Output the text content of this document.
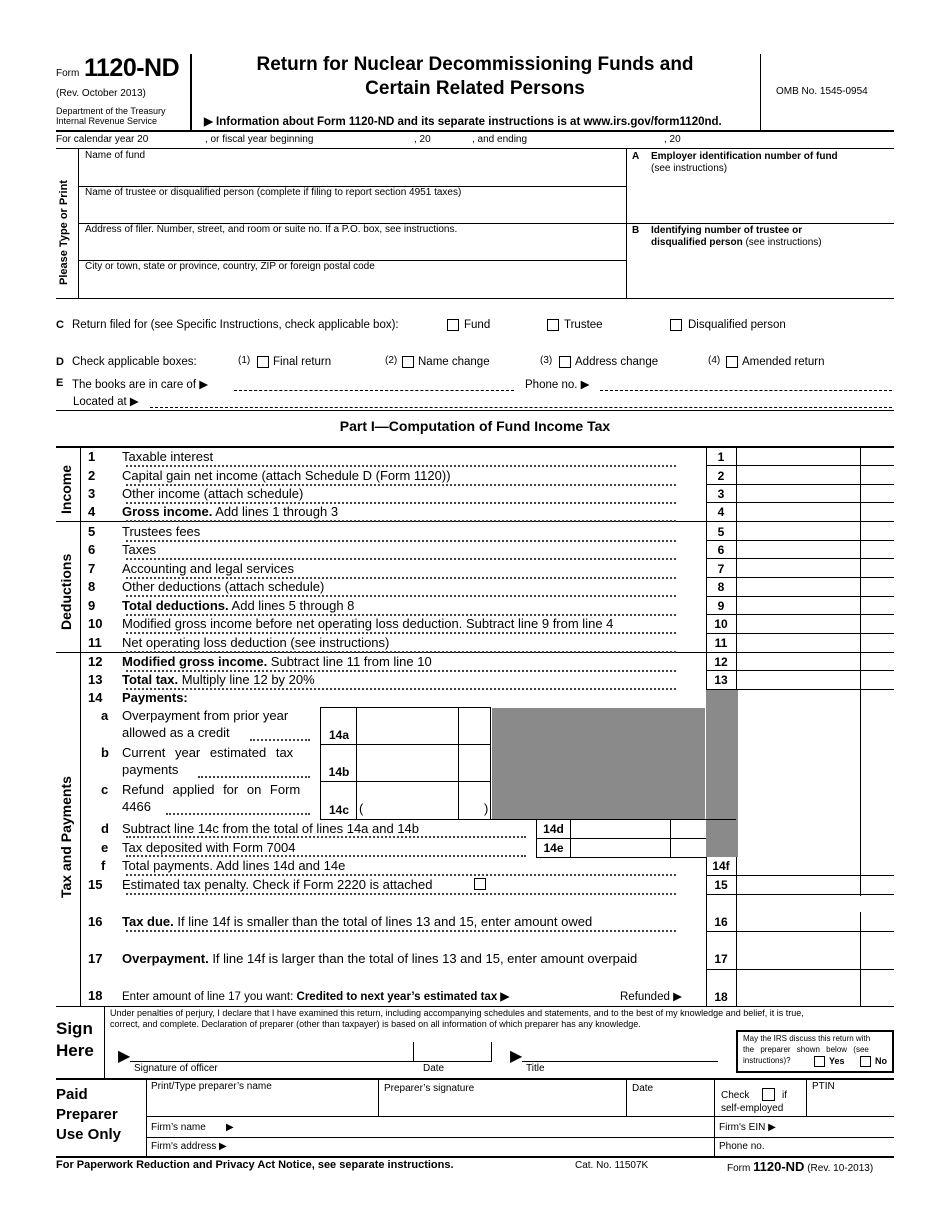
Form 1120-ND
(Rev. October 2013)
Department of the Treasury
Internal Revenue Service
Return for Nuclear Decommissioning Funds and
Certain Related Persons
▶ Information about Form 1120-ND and its separate instructions is at www.irs.gov/form1120nd.
OMB No. 1545-0954
For calendar year 20	, or fiscal year beginning	, 20	, and ending	, 20
Please Type or Print
Name of fund
Name of trustee or disqualified person (complete if filing to report section 4951 taxes)
Address of filer. Number, street, and room or suite no. If a P.O. box, see instructions.
City or town, state or province, country, ZIP or foreign postal code
A Employer identification number of fund
(see instructions)
B Identifying number of trustee or
disqualified person (see instructions)
C Return filed for (see Specific Instructions, check applicable box):	Fund	Trustee	Disqualified person
D Check applicable boxes:	(1) Final return	(2) Name change	(3) Address change	(4) Amended return
E The books are in care of ▶	Phone no. ▶
Located at ▶
Part I—Computation of Fund Income Tax
Income
Deductions
Tax and Payments
1	Taxable interest	1
2	Capital gain net income (attach Schedule D (Form 1120))	2
3	Other income (attach schedule)	3
4	Gross income. Add lines 1 through 3	4
5	Trustees fees	5
6	Taxes	6
7	Accounting and legal services	7
8	Other deductions (attach schedule)	8
9	Total deductions. Add lines 5 through 8	9
10	Modified gross income before net operating loss deduction. Subtract line 9 from line 4	10
11	Net operating loss deduction (see instructions)	11
12	Modified gross income. Subtract line 11 from line 10	12
13	Total tax. Multiply line 12 by 20%	13
14	Payments:
a	Overpayment from prior year
allowed as a credit	14a
b	Current year estimated tax
payments	14b
c	Refund applied for on Form
4466	14c (	)
d	Subtract line 14c from the total of lines 14a and 14b	14d
e	Tax deposited with Form 7004	14e
f	Total payments. Add lines 14d and 14e	14f
15	Estimated tax penalty. Check if Form 2220 is attached	15
16	Tax due. If line 14f is smaller than the total of lines 13 and 15, enter amount owed	16
17	Overpayment. If line 14f is larger than the total of lines 13 and 15, enter amount overpaid	17
18	Enter amount of line 17 you want: Credited to next year’s estimated tax ▶	Refunded ▶	18
Sign
Here
Under penalties of perjury, I declare that I have examined this return, including accompanying schedules and statements, and to the best of my knowledge and belief, it is true,
correct, and complete. Declaration of preparer (other than taxpayer) is based on all information of which preparer has any knowledge.
▶
Signature of officer	Date
▶
Title
May the IRS discuss this return with
the preparer shown below (see
instructions)?	Yes	No
Paid
Preparer
Use Only
Print/Type preparer’s name	Preparer’s signature	Date
Check	if
self-employed
PTIN
Firm’s name ▶	Firm's EIN ▶
Firm's address ▶	Phone no.
For Paperwork Reduction and Privacy Act Notice, see separate instructions.	Cat. No. 11507K	Form 1120-ND (Rev. 10-2013)
